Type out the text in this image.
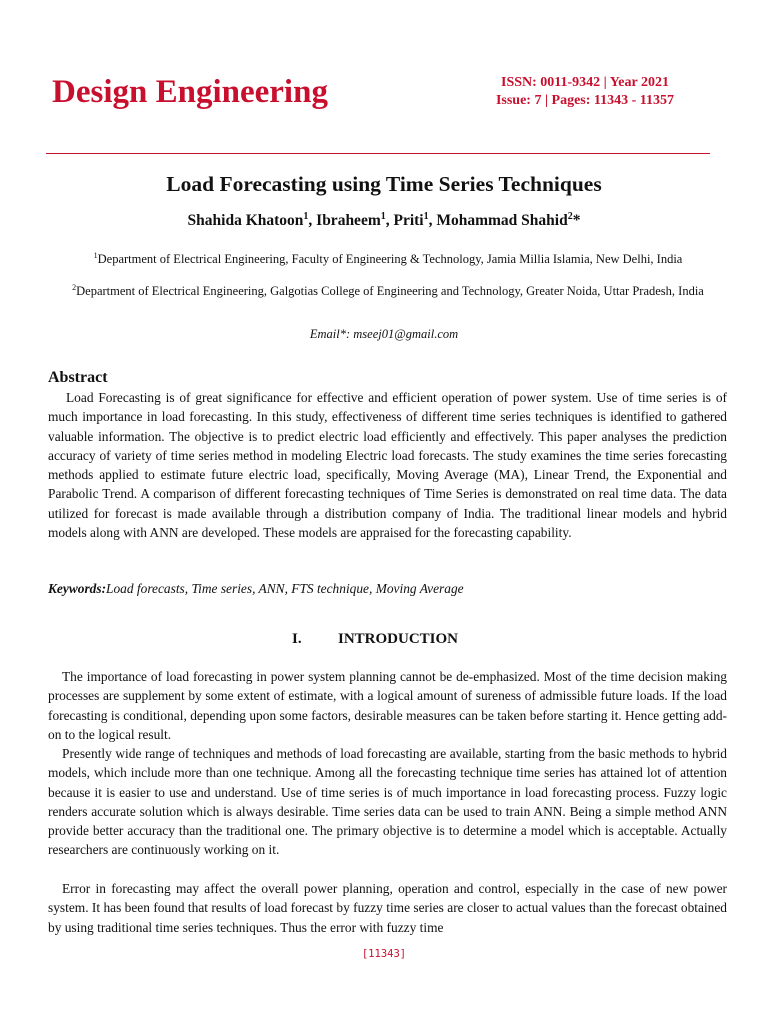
Design Engineering	ISSN: 0011-9342 | Year 2021
Issue: 7 | Pages: 11343 - 11357
Load Forecasting using Time Series Techniques
Shahida Khatoon$^1$, Ibraheem$^1$, Priti$^1$, Mohammad Shahid$^2$*
$^1$Department of Electrical Engineering, Faculty of Engineering & Technology, Jamia Millia Islamia, New Delhi, India
$^2$Department of Electrical Engineering, Galgotias College of Engineering and Technology, Greater Noida, Uttar Pradesh, India
Email*: mseej01@gmail.com
Abstract

Load Forecasting is of great significance for effective and efficient operation of power system. Use of time series is of much importance in load forecasting. In this study, effectiveness of different time series techniques is identified to gathered valuable information. The objective is to predict electric load efficiently and effectively. This paper analyses the prediction accuracy of variety of time series method in modeling Electric load forecasts. The study examines the time series forecasting methods applied to estimate future electric load, specifically, Moving Average (MA), Linear Trend, the Exponential and Parabolic Trend. A comparison of different forecasting techniques of Time Series is demonstrated on real time data. The data utilized for forecast is made available through a distribution company of India. The traditional linear models and hybrid models along with ANN are developed. These models are appraised for the forecasting capability.

Keywords:Load forecasts, Time series, ANN, FTS technique, Moving Average
I. INTRODUCTION

The importance of load forecasting in power system planning cannot be de-emphasized. Most of the time decision making processes are supplement by some extent of estimate, with a logical amount of sureness of admissible future loads. If the load forecasting is conditional, depending upon some factors, desirable measures can be taken before starting it. Hence getting add-on to the logical result.

Presently wide range of techniques and methods of load forecasting are available, starting from the basic methods to hybrid models, which include more than one technique. Among all the forecasting technique time series has attained lot of attention because it is easier to use and understand. Use of time series is of much importance in load forecasting process. Fuzzy logic renders accurate solution which is always desirable. Time series data can be used to train ANN. Being a simple method ANN provide better accuracy than the traditional one. The primary objective is to determine a model which is acceptable. Actually researchers are continuously working on it.

Error in forecasting may affect the overall power planning, operation and control, especially in the case of new power system. It has been found that results of load forecast by fuzzy time series are closer to actual values than the forecast obtained by using traditional time series techniques. Thus the error with fuzzy time

[11343]
